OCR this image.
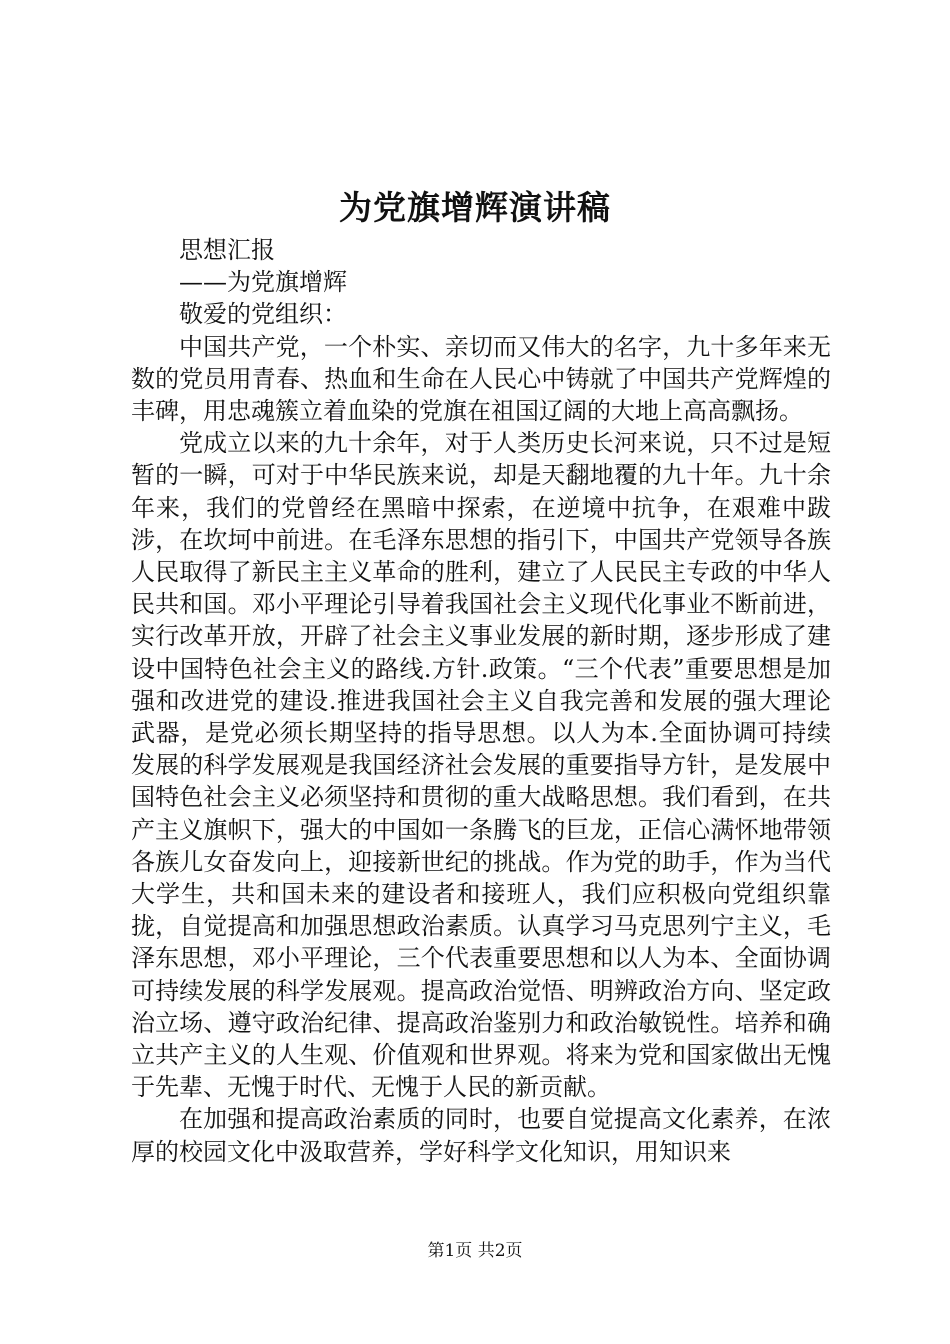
为党旗增辉演讲稿

思想汇报

——为党旗增辉

敬爱的党组织：

中国共产党，一个朴实、亲切而又伟大的名字，九十多年来无数的党员用青春、热血和生命在人民心中铸就了中国共产党辉煌的丰碑，用忠魂簇立着血染的党旗在祖国辽阔的大地上高高飘扬。

党成立以来的九十余年，对于人类历史长河来说，只不过是短暂的一瞬，可对于中华民族来说，却是天翻地覆的九十年。九十余年来，我们的党曾经在黑暗中探索，在逆境中抗争，在艰难中跋涉，在坎坷中前进。在毛泽东思想的指引下，中国共产党领导各族人民取得了新民主主义革命的胜利，建立了人民民主专政的中华人民共和国。邓小平理论引导着我国社会主义现代化事业不断前进，实行改革开放，开辟了社会主义事业发展的新时期，逐步形成了建设中国特色社会主义的路线.方针.政策。“三个代表”重要思想是加强和改进党的建设.推进我国社会主义自我完善和发展的强大理论武器，是党必须长期坚持的指导思想。以人为本.全面协调可持续发展的科学发展观是我国经济社会发展的重要指导方针，是发展中国特色社会主义必须坚持和贯彻的重大战略思想。我们看到，在共产主义旗帜下，强大的中国如一条腾飞的巨龙，正信心满怀地带领各族儿女奋发向上，迎接新世纪的挑战。作为党的助手，作为当代大学生，共和国未来的建设者和接班人，我们应积极向党组织靠拢，自觉提高和加强思想政治素质。认真学习马克思列宁主义，毛泽东思想，邓小平理论，三个代表重要思想和以人为本、全面协调可持续发展的科学发展观。提高政治觉悟、明辨政治方向、坚定政治立场、遵守政治纪律、提高政治鉴别力和政治敏锐性。培养和确立共产主义的人生观、价值观和世界观。将来为党和国家做出无愧于先辈、无愧于时代、无愧于人民的新贡献。

在加强和提高政治素质的同时，也要自觉提高文化素养，在浓厚的校园文化中汲取营养，学好科学文化知识，用知识来

第1页 共2页
